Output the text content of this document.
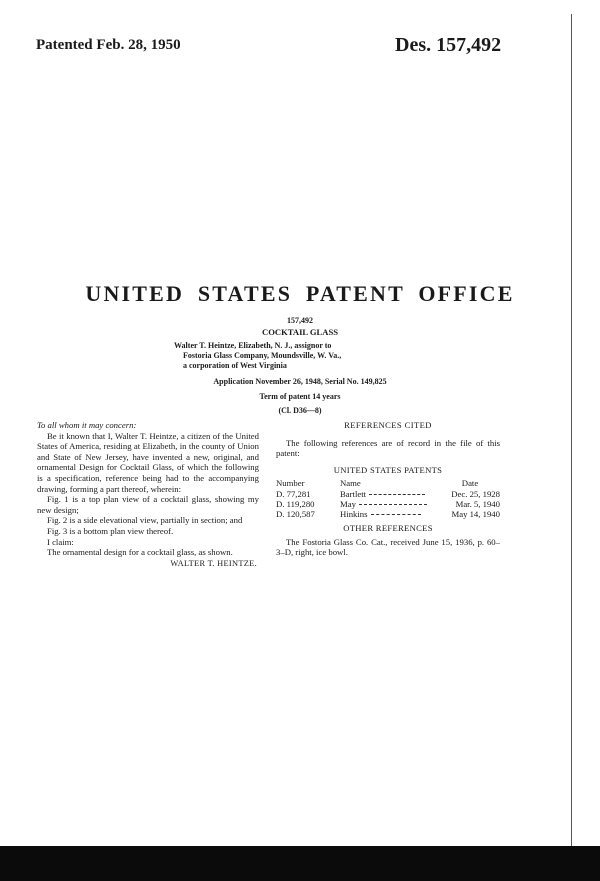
Patented Feb. 28, 1950	Des. 157,492
UNITED STATES PATENT OFFICE
157,492
COCKTAIL GLASS
Walter T. Heintze, Elizabeth, N. J., assignor to
Fostoria Glass Company, Moundsville, W. Va.,
a corporation of West Virginia
Application November 26, 1948, Serial No. 149,825
Term of patent 14 years
(Cl. D36—8)

To all whom it may concern:

Be it known that I, Walter T. Heintze, a citizen of the United States of America, residing at Elizabeth, in the county of Union and State of New Jersey, have invented a new, original, and ornamental Design for Cocktail Glass, of which the following is a specification, reference being had to the accompanying drawing, forming a part thereof, wherein:

Fig. 1 is a top plan view of a cocktail glass, showing my new design;

Fig. 2 is a side elevational view, partially in section; and

Fig. 3 is a bottom plan view thereof.

I claim:

The ornamental design for a cocktail glass, as shown.

WALTER T. HEINTZE.
REFERENCES CITED

The following references are of record in the file of this patent:

UNITED STATES PATENTS
Number	Name	Date
D. 77,281	Bartlett	Dec. 25, 1928
D. 119,280	May	Mar. 5, 1940
D. 120,587	Hinkins	May 14, 1940
OTHER REFERENCES

The Fostoria Glass Co. Cat., received June 15, 1936, p. 60–3–D, right, ice bowl.
